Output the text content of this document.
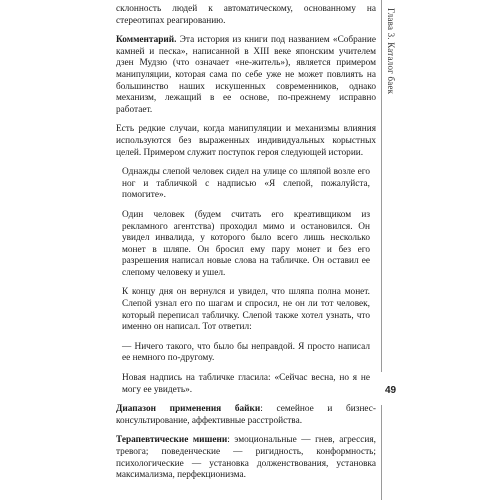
склонность людей к автоматическому, основанному на стереотипах реагированию.

Комментарий. Эта история из книги под названием «Собрание камней и песка», написанной в XIII веке японским учителем дзен Мудзю (что означает «не-житель»), является примером манипуляции, которая сама по себе уже не может повлиять на большинство наших искушенных современников, однако механизм, лежащий в ее основе, по-прежнему исправно работает.

Есть редкие случаи, когда манипуляции и механизмы влияния используются без выраженных индивидуальных корыстных целей. Примером служит поступок героя следующей истории.

Однажды слепой человек сидел на улице со шляпой возле его ног и табличкой с надписью «Я слепой, пожалуйста, помогите».

Один человек (будем считать его креативщиком из рекламного агентства) проходил мимо и остановился. Он увидел инвалида, у которого было всего лишь несколько монет в шляпе. Он бросил ему пару монет и без его разрешения написал новые слова на табличке. Он оставил ее слепому человеку и ушел.

К концу дня он вернулся и увидел, что шляпа полна монет. Слепой узнал его по шагам и спросил, не он ли тот человек, который переписал табличку. Слепой также хотел узнать, что именно он написал. Тот ответил:

— Ничего такого, что было бы неправдой. Я просто написал ее немного по-другому.

Новая надпись на табличке гласила: «Сейчас весна, но я не могу ее увидеть».

Диапазон применения байки: семейное и бизнес-консультирование, аффективные расстройства.

Терапевтические мишени: эмоциональные — гнев, агрессия, тревога; поведенческие — ригидность, конформность; психологические — установка долженствования, установка максимализма, перфекционизма.

Глава 3. Каталог баек
49
